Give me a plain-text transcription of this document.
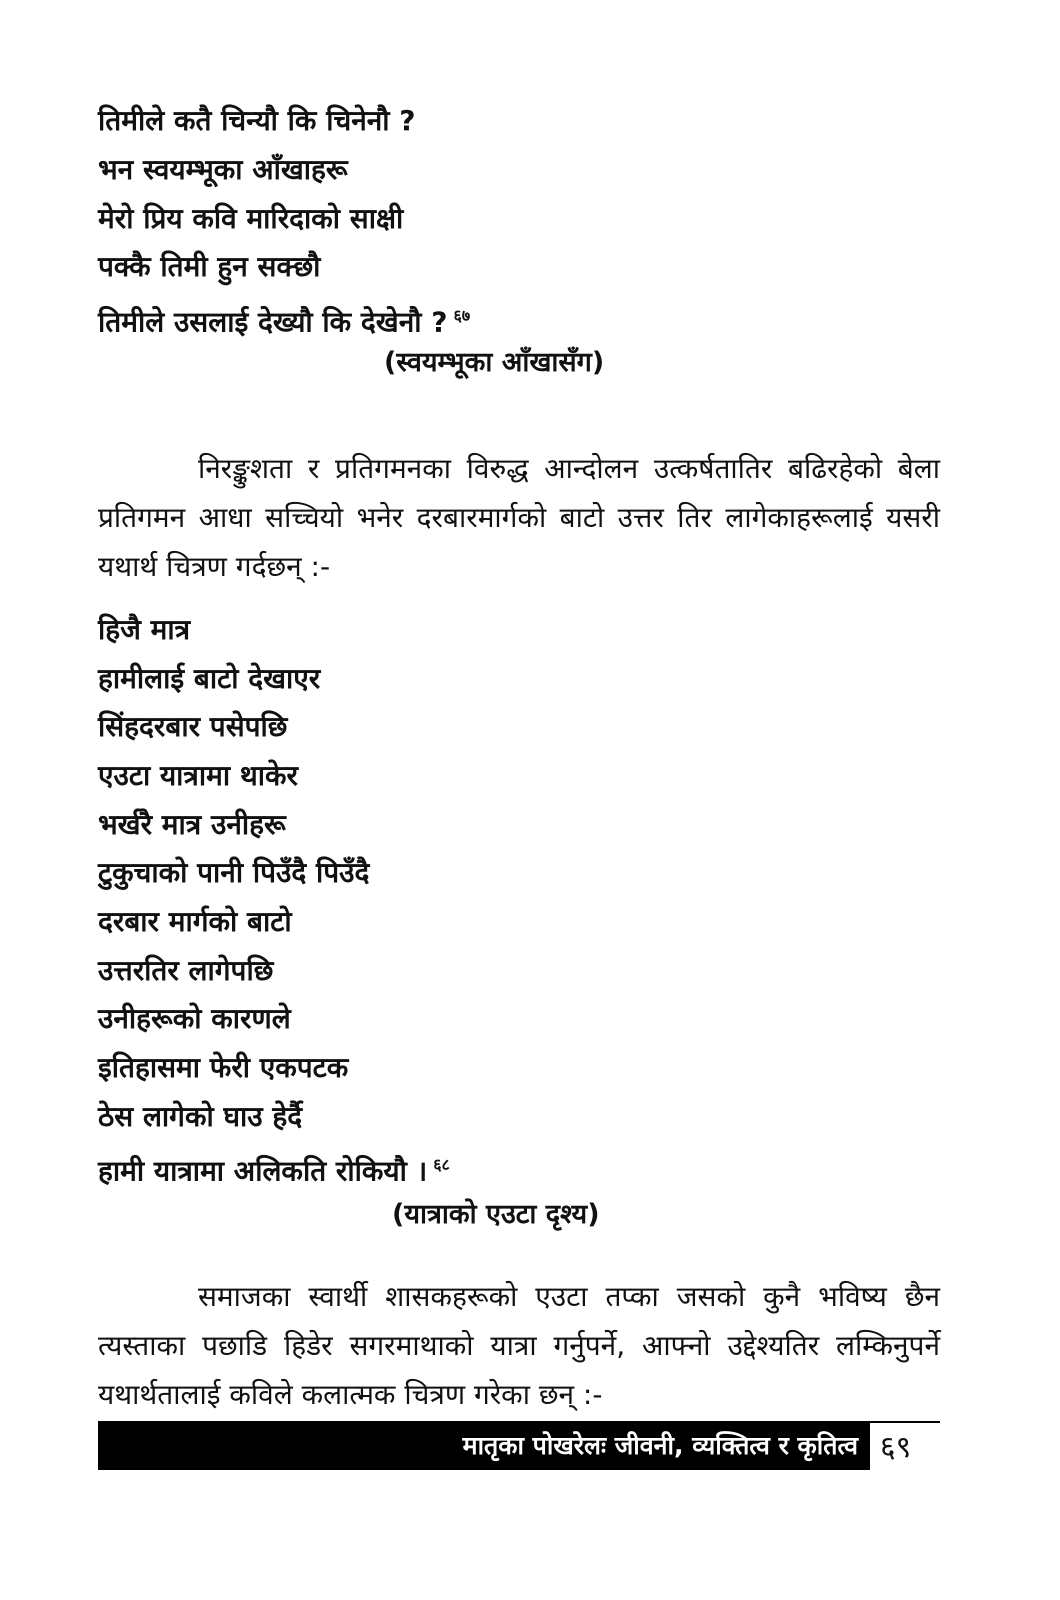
तिमीले कतै चिन्यौ कि चिनेनौ ?
भन स्वयम्भूका आँखाहरू
मेरो प्रिय कवि मारिदाको साक्षी
पक्कै तिमी हुन सक्छौ
तिमीले उसलाई देख्यौ कि देखेनौ ? $^{६७}$
(स्वयम्भूका आँखासँग)
निरङ्कुशता र प्रतिगमनका विरुद्ध आन्दोलन उत्कर्षतातिर बढिरहेको बेला प्रतिगमन आधा सच्चियो भनेर दरबारमार्गको बाटो उत्तर तिर लागेकाहरूलाई यसरी यथार्थ चित्रण गर्दछन् :-
हिजै मात्र
हामीलाई बाटो देखाएर
सिंहदरबार पसेपछि
एउटा यात्रामा थाकेर
भर्खरै मात्र उनीहरू
टुकुचाको पानी पिउँदै पिउँदै
दरबार मार्गको बाटो
उत्तरतिर लागेपछि
उनीहरूको कारणले
इतिहासमा फेरी एकपटक
ठेस लागेको घाउ हेर्दै
हामी यात्रामा अलिकति रोकियौ । $^{६८}$
(यात्राको एउटा दृश्य)
समाजका स्वार्थी शासकहरूको एउटा तप्का जसको कुनै भविष्य छैन त्यस्ताका पछाडि हिडेर सगरमाथाको यात्रा गर्नुपर्ने, आफ्नो उद्देश्यतिर लम्किनुपर्ने यथार्थतालाई कविले कलात्मक चित्रण गरेका छन् :-
मातृका पोखरेलः जीवनी, व्यक्तित्व र कृतित्व ६९
